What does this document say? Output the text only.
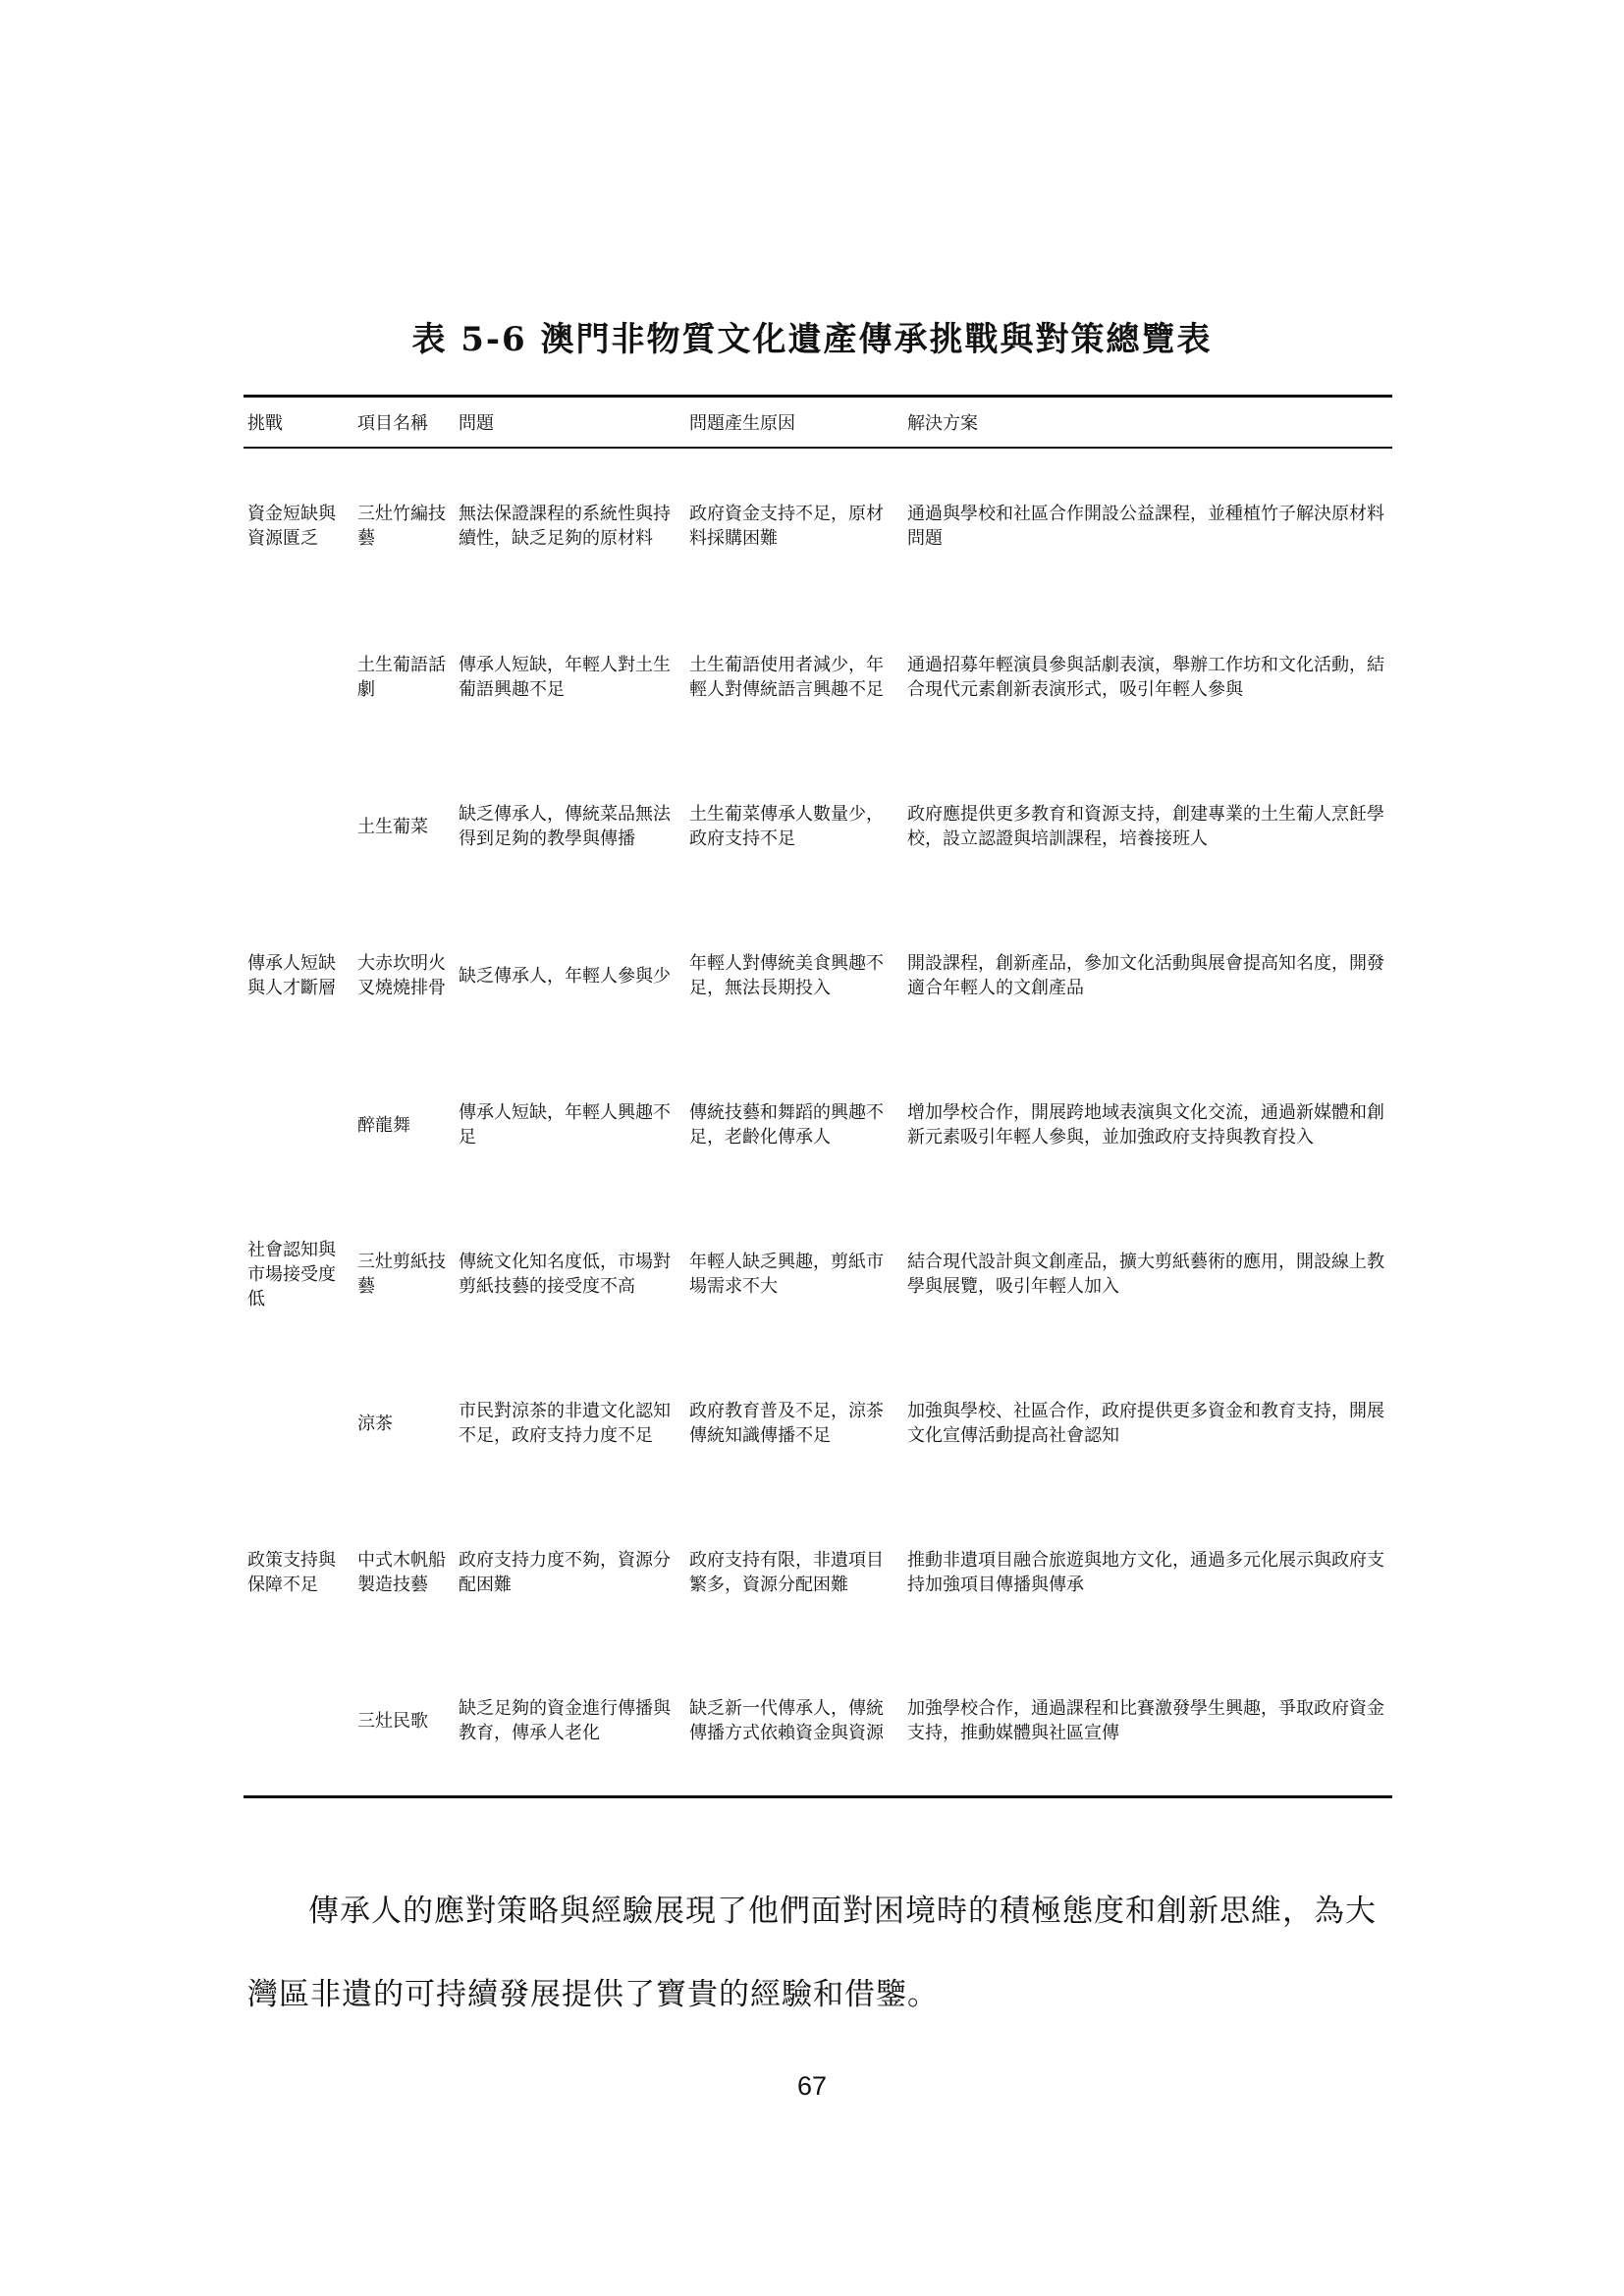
表 5-6 澳門非物質文化遺產傳承挑戰與對策總覽表
挑戰	項目名稱	問題	問題產生原因	解決方案
資金短缺與資源匱乏	三灶竹編技藝	無法保證課程的系統性與持續性，缺乏足夠的原材料	政府資金支持不足，原材料採購困難	通過與學校和社區合作開設公益課程，並種植竹子解決原材料問題
	土生葡語話劇	傳承人短缺，年輕人對土生葡語興趣不足	土生葡語使用者減少，年輕人對傳統語言興趣不足	通過招募年輕演員參與話劇表演，舉辦工作坊和文化活動，結合現代元素創新表演形式，吸引年輕人參與
	土生葡菜	缺乏傳承人，傳統菜品無法得到足夠的教學與傳播	土生葡菜傳承人數量少，政府支持不足	政府應提供更多教育和資源支持，創建專業的土生葡人烹飪學校，設立認證與培訓課程，培養接班人
傳承人短缺與人才斷層	大赤坎明火叉燒燒排骨	缺乏傳承人，年輕人參與少	年輕人對傳統美食興趣不足，無法長期投入	開設課程，創新產品，參加文化活動與展會提高知名度，開發適合年輕人的文創產品
	醉龍舞	傳承人短缺，年輕人興趣不足	傳統技藝和舞蹈的興趣不足，老齡化傳承人	增加學校合作，開展跨地域表演與文化交流，通過新媒體和創新元素吸引年輕人參與，並加強政府支持與教育投入
社會認知與市場接受度低	三灶剪紙技藝	傳統文化知名度低，市場對剪紙技藝的接受度不高	年輕人缺乏興趣，剪紙市場需求不大	結合現代設計與文創產品，擴大剪紙藝術的應用，開設線上教學與展覽，吸引年輕人加入
	涼茶	市民對涼茶的非遺文化認知不足，政府支持力度不足	政府教育普及不足，涼茶傳統知識傳播不足	加強與學校、社區合作，政府提供更多資金和教育支持，開展文化宣傳活動提高社會認知
政策支持與保障不足	中式木帆船製造技藝	政府支持力度不夠，資源分配困難	政府支持有限，非遺項目繁多，資源分配困難	推動非遺項目融合旅遊與地方文化，通過多元化展示與政府支持加強項目傳播與傳承
	三灶民歌	缺乏足夠的資金進行傳播與教育，傳承人老化	缺乏新一代傳承人，傳統傳播方式依賴資金與資源	加強學校合作，通過課程和比賽激發學生興趣，爭取政府資金支持，推動媒體與社區宣傳
傳承人的應對策略與經驗展現了他們面對困境時的積極態度和創新思維，為大灣區非遺的可持續發展提供了寶貴的經驗和借鑒。
67
